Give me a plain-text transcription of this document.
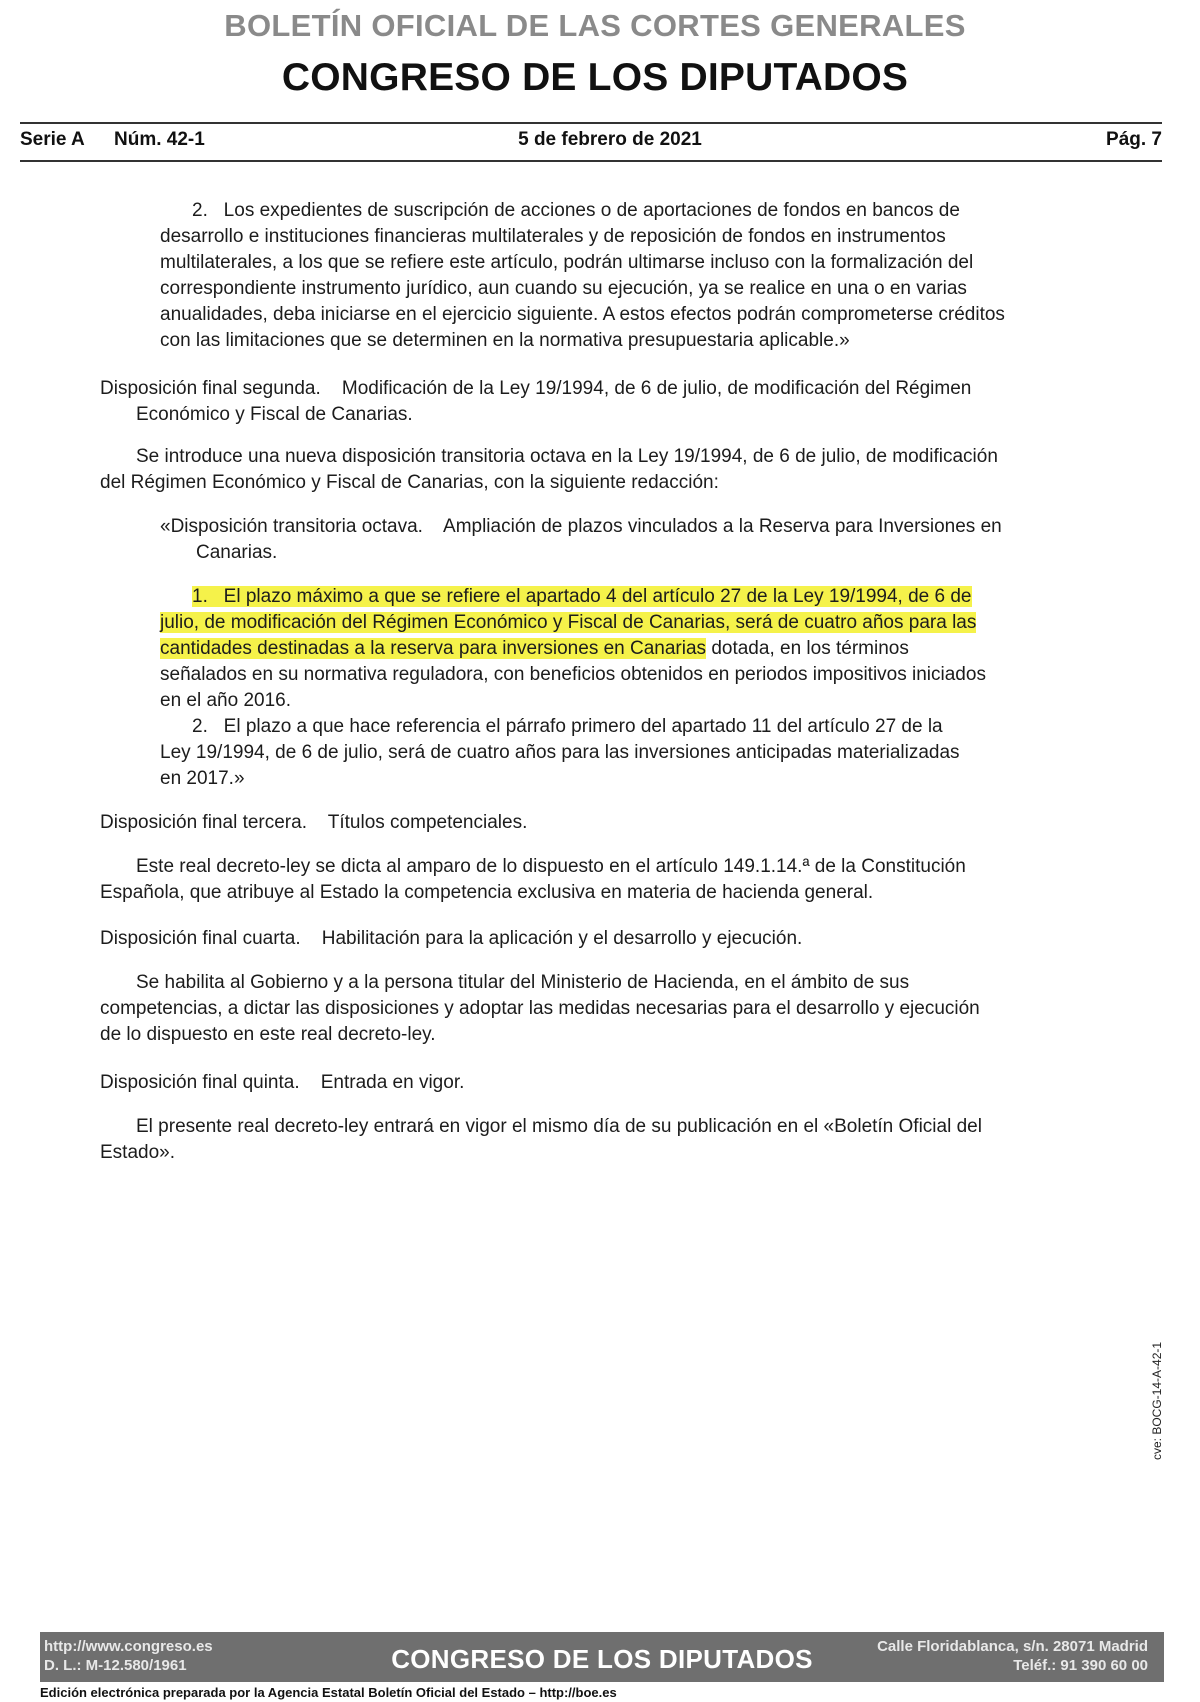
BOLETÍN OFICIAL DE LAS CORTES GENERALES
CONGRESO DE LOS DIPUTADOS
Serie A Núm. 42-1	5 de febrero de 2021	Pág. 7
2.   Los expedientes de suscripción de acciones o de aportaciones de fondos en bancos de
desarrollo e instituciones financieras multilaterales y de reposición de fondos en instrumentos
multilaterales, a los que se refiere este artículo, podrán ultimarse incluso con la formalización del
correspondiente instrumento jurídico, aun cuando su ejecución, ya se realice en una o en varias
anualidades, deba iniciarse en el ejercicio siguiente. A estos efectos podrán comprometerse créditos
con las limitaciones que se determinen en la normativa presupuestaria aplicable.»
Disposición final segunda.    Modificación de la Ley 19/1994, de 6 de julio, de modificación del Régimen
Económico y Fiscal de Canarias.
Se introduce una nueva disposición transitoria octava en la Ley 19/1994, de 6 de julio, de modificación
del Régimen Económico y Fiscal de Canarias, con la siguiente redacción:
«Disposición transitoria octava.    Ampliación de plazos vinculados a la Reserva para Inversiones en
Canarias.
1.   El plazo máximo a que se refiere el apartado 4 del artículo 27 de la Ley 19/1994, de 6 de
julio, de modificación del Régimen Económico y Fiscal de Canarias, será de cuatro años para las
cantidades destinadas a la reserva para inversiones en Canarias dotada, en los términos
señalados en su normativa reguladora, con beneficios obtenidos en periodos impositivos iniciados
en el año 2016.
2.   El plazo a que hace referencia el párrafo primero del apartado 11 del artículo 27 de la
Ley 19/1994, de 6 de julio, será de cuatro años para las inversiones anticipadas materializadas
en 2017.»
Disposición final tercera.    Títulos competenciales.
Este real decreto-ley se dicta al amparo de lo dispuesto en el artículo 149.1.14.ª de la Constitución
Española, que atribuye al Estado la competencia exclusiva en materia de hacienda general.
Disposición final cuarta.    Habilitación para la aplicación y el desarrollo y ejecución.
Se habilita al Gobierno y a la persona titular del Ministerio de Hacienda, en el ámbito de sus
competencias, a dictar las disposiciones y adoptar las medidas necesarias para el desarrollo y ejecución
de lo dispuesto en este real decreto-ley.
Disposición final quinta.    Entrada en vigor.
El presente real decreto-ley entrará en vigor el mismo día de su publicación en el «Boletín Oficial del
Estado».
cve: BOCG-14-A-42-1
http://www.congreso.es
D. L.: M-12.580/1961	CONGRESO DE LOS DIPUTADOS	Calle Floridablanca, s/n. 28071 Madrid
Teléf.: 91 390 60 00
Edición electrónica preparada por la Agencia Estatal Boletín Oficial del Estado – http://boe.es
